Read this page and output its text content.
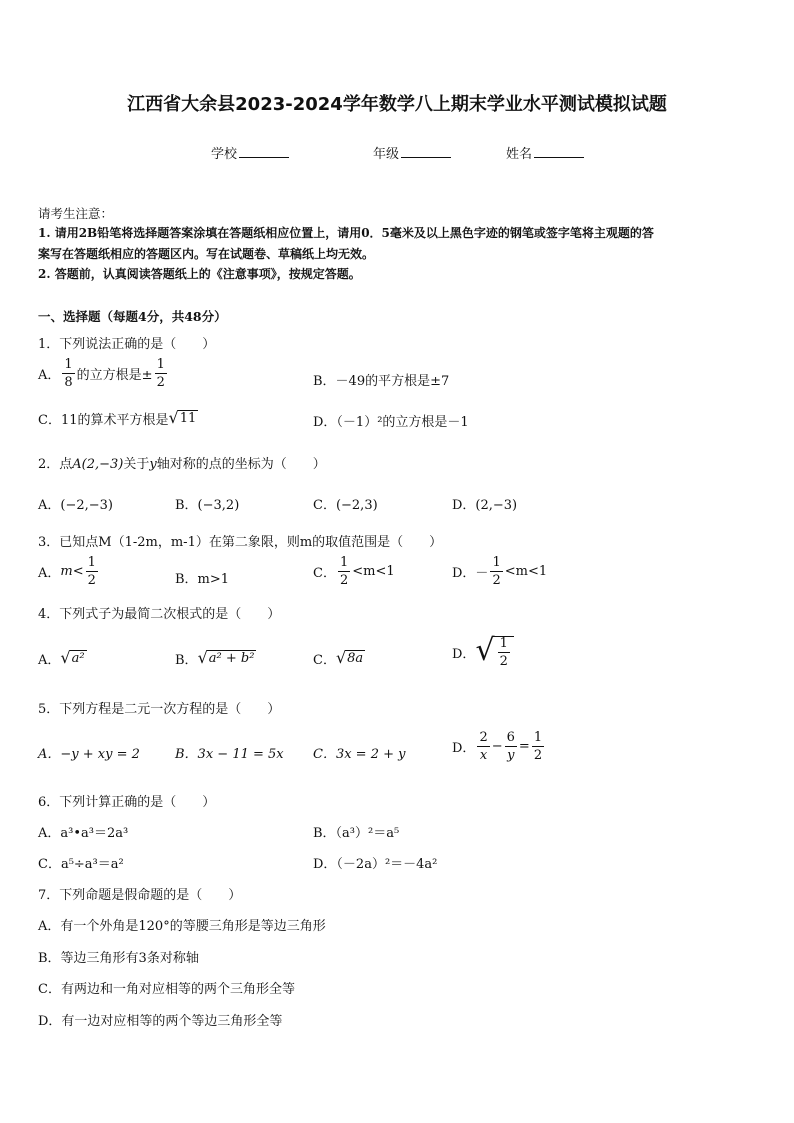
江西省大余县2023-2024学年数学八上期末学业水平测试模拟试题
学校	年级	姓名
请考生注意：
1. 请用2B铅笔将选择题答案涂填在答题纸相应位置上，请用0．5毫米及以上黑色字迹的钢笔或签字笔将主观题的答
案写在答题纸相应的答题区内。写在试题卷、草稿纸上均无效。
2. 答题前，认真阅读答题纸上的《注意事项》，按规定答题。
一、选择题（每题4分，共48分）
1．下列说法正确的是（　　）
A． $\frac{1}{8}$ 的立方根是± $\frac{1}{2}$	B．－49的平方根是±7
C．11的算术平方根是 √ 11	D．（－1）²的立方根是－1
2．点A(2,−3)关于y轴对称的点的坐标为（　　）
A．(−2,−3)	B．(−3,2)	C．(−2,3)	D．(2,−3)
3．已知点M（1-2m，m-1）在第二象限，则m的取值范围是（　　）
A． $m< \frac{1}{2}$	B．m>1	C． $\frac{1}{2} <m<1$	D．－ $\frac{1}{2} <m<1$
4．下列式子为最简二次根式的是（　　）
A． √ a²	B． √ a² + b²	C． √ 8a	D． √ $\frac{1}{2}$
5．下列方程是二元一次方程的是（　　）
A．−y + xy = 2	B．3x − 11 = 5x C．3x = 2 + y	D． $\frac{2}{x} - \frac{6}{y} = \frac{1}{2}$
6．下列计算正确的是（　　）
A．a³•a³＝2a³	B．（a³）²＝a⁵
C．a⁵÷a³＝a²	D．（－2a）²＝－4a²
7．下列命题是假命题的是（　　）
A．有一个外角是120°的等腰三角形是等边三角形
B．等边三角形有3条对称轴
C．有两边和一角对应相等的两个三角形全等
D．有一边对应相等的两个等边三角形全等
